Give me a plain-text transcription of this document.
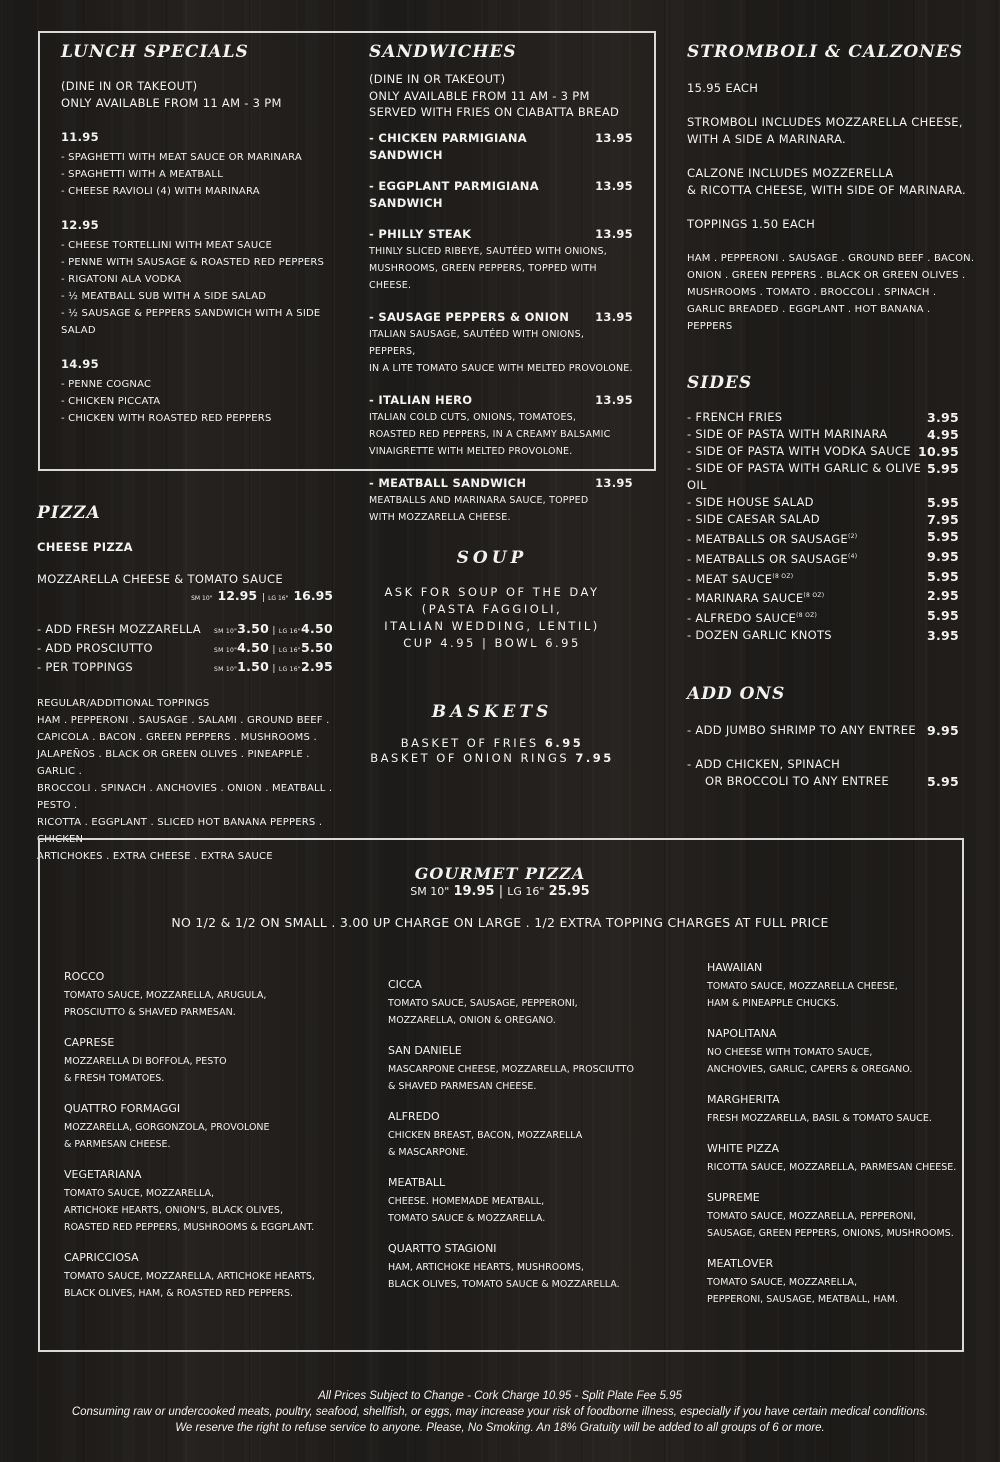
LUNCH SPECIALS
(DINE IN OR TAKEOUT)
ONLY AVAILABLE FROM 11 AM - 3 PM
11.95
- SPAGHETTI WITH MEAT SAUCE OR MARINARA
- SPAGHETTI WITH A MEATBALL
- CHEESE RAVIOLI (4) WITH MARINARA
12.95
- CHEESE TORTELLINI WITH MEAT SAUCE
- PENNE WITH SAUSAGE & ROASTED RED PEPPERS
- RIGATONI ALA VODKA
- ½ MEATBALL SUB WITH A SIDE SALAD
- ½ SAUSAGE & PEPPERS SANDWICH WITH A SIDE SALAD
14.95
- PENNE COGNAC
- CHICKEN PICCATA
- CHICKEN WITH ROASTED RED PEPPERS
SANDWICHES
(DINE IN OR TAKEOUT)
ONLY AVAILABLE FROM 11 AM - 3 PM
SERVED WITH FRIES ON CIABATTA BREAD
- CHICKEN PARMIGIANA SANDWICH
13.95
- EGGPLANT PARMIGIANA SANDWICH
13.95
- PHILLY STEAK	13.95
THINLY SLICED RIBEYE, SAUTÉED WITH ONIONS,
MUSHROOMS, GREEN PEPPERS, TOPPED WITH CHEESE.
- SAUSAGE PEPPERS & ONION 13.95
ITALIAN SAUSAGE, SAUTÉED WITH ONIONS, PEPPERS,
IN A LITE TOMATO SAUCE WITH MELTED PROVOLONE.
- ITALIAN HERO	13.95
ITALIAN COLD CUTS, ONIONS, TOMATOES,
ROASTED RED PEPPERS, IN A CREAMY BALSAMIC
VINAIGRETTE WITH MELTED PROVOLONE.
- MEATBALL SANDWICH	13.95
MEATBALLS AND MARINARA SAUCE, TOPPED
WITH MOZZARELLA CHEESE.
STROMBOLI & CALZONES
15.95 EACH
STROMBOLI INCLUDES MOZZARELLA CHEESE,
WITH A SIDE A MARINARA.
CALZONE INCLUDES MOZZERELLA
& RICOTTA CHEESE, WITH SIDE OF MARINARA.
TOPPINGS 1.50 EACH
HAM . PEPPERONI . SAUSAGE . GROUND BEEF . BACON.
ONION . GREEN PEPPERS . BLACK OR GREEN OLIVES .
MUSHROOMS . TOMATO . BROCCOLI . SPINACH .
GARLIC BREADED . EGGPLANT . HOT BANANA . PEPPERS
SIDES
- FRENCH FRIES	3.95
- SIDE OF PASTA WITH MARINARA	4.95
- SIDE OF PASTA WITH VODKA SAUCE 10.95
- SIDE OF PASTA WITH GARLIC & OLIVE OIL
5.95
- SIDE HOUSE SALAD	5.95
- SIDE CAESAR SALAD	7.95
- MEATBALLS OR SAUSAGE$^{(2)}$	5.95
- MEATBALLS OR SAUSAGE$^{(4)}$	9.95
- MEAT $SAUCE^{(8 OZ)}$	5.95
- MARINARA $SAUCE^{(8 OZ)}$	2.95
- ALFREDO $SAUCE^{(8 OZ)}$	5.95
- DOZEN GARLIC KNOTS	3.95
ADD ONS
- ADD JUMBO SHRIMP TO ANY ENTREE 9.95
- ADD CHICKEN, SPINACH
OR BROCCOLI TO ANY ENTREE	5.95
PIZZA
CHEESE PIZZA
MOZZARELLA CHEESE & TOMATO SAUCE
SM 10" 12.95 | LG 16" 16.95
- ADD FRESH MOZZARELLA SM 10"3.50 | LG 16"4.50
- ADD PROSCIUTTO	SM 10"4.50 | LG 16"5.50
- PER TOPPINGS	SM 10"1.50 | LG 16"2.95
REGULAR/ADDITIONAL TOPPINGS
HAM . PEPPERONI . SAUSAGE . SALAMI . GROUND BEEF .
CAPICOLA . BACON . GREEN PEPPERS . MUSHROOMS .
JALAPEÑOS . BLACK OR GREEN OLIVES . PINEAPPLE . GARLIC .
BROCCOLI . SPINACH . ANCHOVIES . ONION . MEATBALL . PESTO .
RICOTTA . EGGPLANT . SLICED HOT BANANA PEPPERS . CHICKEN
ARTICHOKES . EXTRA CHEESE . EXTRA SAUCE
SOUP
ASK FOR SOUP OF THE DAY
(PASTA FAGGIOLI,
ITALIAN WEDDING, LENTIL)
CUP 4.95 | BOWL 6.95
BASKETS
BASKET OF FRIES 6.95
BASKET OF ONION RINGS 7.95
GOURMET PIZZA
SM 10" 19.95 | LG 16" 25.95
NO 1/2 & 1/2 ON SMALL . 3.00 UP CHARGE ON LARGE . 1/2 EXTRA TOPPING CHARGES AT FULL PRICE
ROCCO
TOMATO SAUCE, MOZZARELLA, ARUGULA,
PROSCIUTTO & SHAVED PARMESAN.
CAPRESE
MOZZARELLA DI BOFFOLA, PESTO
& FRESH TOMATOES.
QUATTRO FORMAGGI
MOZZARELLA, GORGONZOLA, PROVOLONE
& PARMESAN CHEESE.
VEGETARIANA
TOMATO SAUCE, MOZZARELLA,
ARTICHOKE HEARTS, ONION'S, BLACK OLIVES,
ROASTED RED PEPPERS, MUSHROOMS & EGGPLANT.
CAPRICCIOSA
TOMATO SAUCE, MOZZARELLA, ARTICHOKE HEARTS,
BLACK OLIVES, HAM, & ROASTED RED PEPPERS.
CICCA
TOMATO SAUCE, SAUSAGE, PEPPERONI,
MOZZARELLA, ONION & OREGANO.
SAN DANIELE
MASCARPONE CHEESE, MOZZARELLA, PROSCIUTTO
& SHAVED PARMESAN CHEESE.
ALFREDO
CHICKEN BREAST, BACON, MOZZARELLA
& MASCARPONE.
MEATBALL
CHEESE. HOMEMADE MEATBALL,
TOMATO SAUCE & MOZZARELLA.
QUARTTO STAGIONI
HAM, ARTICHOKE HEARTS, MUSHROOMS,
BLACK OLIVES, TOMATO SAUCE & MOZZARELLA.
HAWAIIAN
TOMATO SAUCE, MOZZARELLA CHEESE,
HAM & PINEAPPLE CHUCKS.
NAPOLITANA
NO CHEESE WITH TOMATO SAUCE,
ANCHOVIES, GARLIC, CAPERS & OREGANO.
MARGHERITA
FRESH MOZZARELLA, BASIL & TOMATO SAUCE.
WHITE PIZZA
RICOTTA SAUCE, MOZZARELLA, PARMESAN CHEESE.
SUPREME
TOMATO SAUCE, MOZZARELLA, PEPPERONI,
SAUSAGE, GREEN PEPPERS, ONIONS, MUSHROOMS.
MEATLOVER
TOMATO SAUCE, MOZZARELLA,
PEPPERONI, SAUSAGE, MEATBALL, HAM.
All Prices Subject to Change - Cork Charge 10.95 - Split Plate Fee 5.95
Consuming raw or undercooked meats, poultry, seafood, shellfish, or eggs, may increase your risk of foodborne illness, especially if you have certain medical conditions.
We reserve the right to refuse service to anyone. Please, No Smoking. An 18% Gratuity will be added to all groups of 6 or more.
